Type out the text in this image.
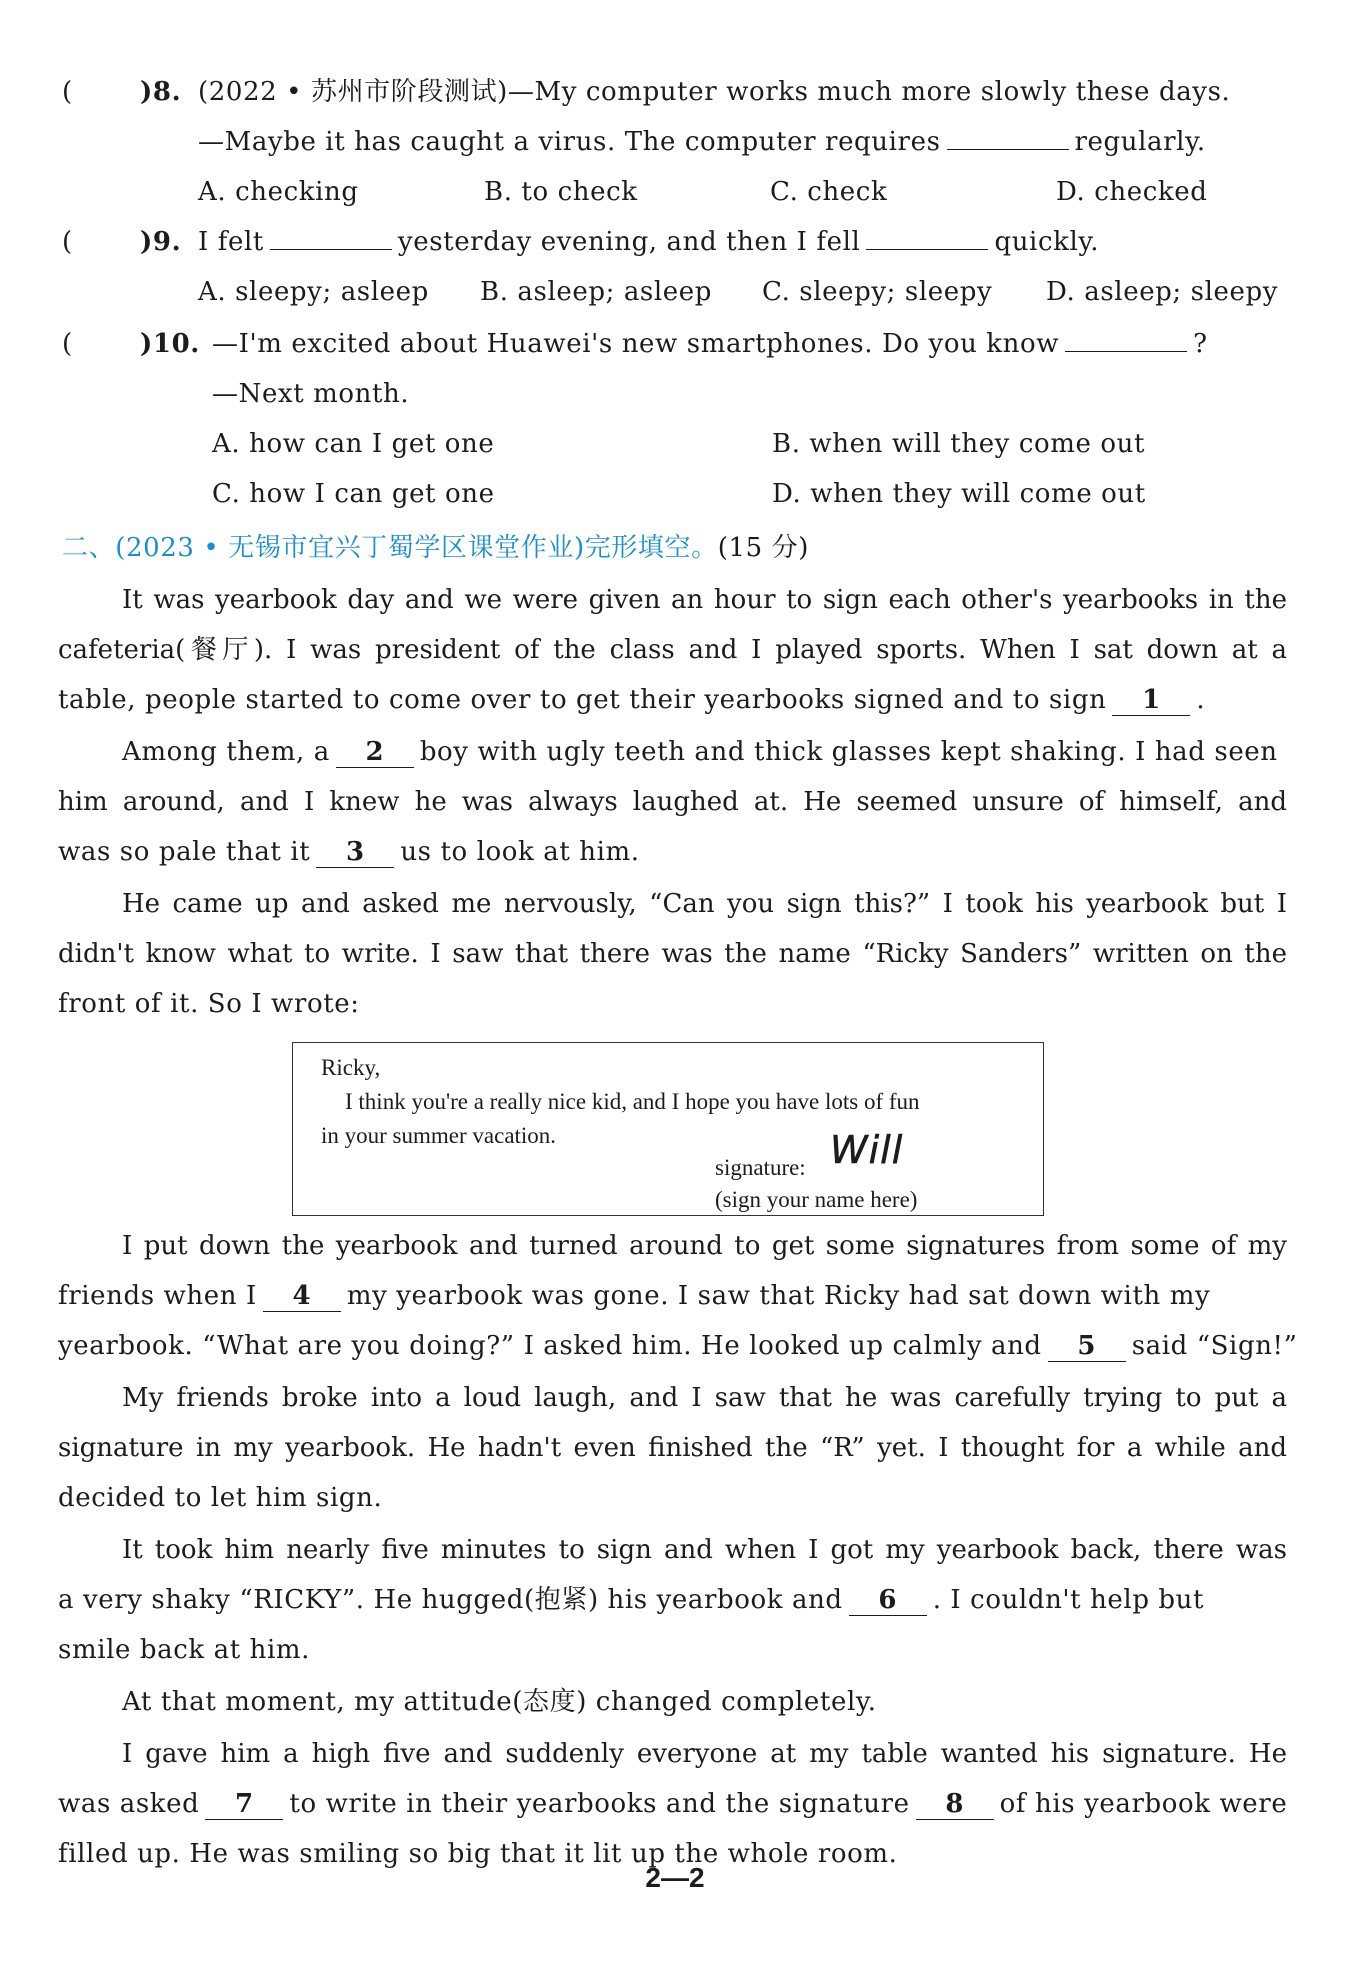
(	)8. (2022 • 苏州市阶段测试)—My computer works much more slowly these days.
—Maybe it has caught a virus. The computer requires	regularly.
A. checking	B. to check	C. check	D. checked
(	)9. I felt	yesterday evening, and then I fell	quickly.
A. sleepy; asleep B. asleep; asleep C. sleepy; sleepy D. asleep; sleepy
(	)10. —I'm excited about Huawei's new smartphones. Do you know	?
—Next month.
A. how can I get one	B. when will they come out
C. how I can get one	D. when they will come out
二、(2023 • 无锡市宜兴丁蜀学区课堂作业)完形填空。(15 分)
It was yearbook day and we were given an hour to sign each other's yearbooks in the
cafeteria(餐厅). I was president of the class and I played sports. When I sat down at a
table, people started to come over to get their yearbooks signed and to sign 1 .
Among them, a 2 boy with ugly teeth and thick glasses kept shaking. I had seen
him around, and I knew he was always laughed at. He seemed unsure of himself, and
was so pale that it 3 us to look at him.
He came up and asked me nervously, “Can you sign this?” I took his yearbook but I
didn't know what to write. I saw that there was the name “Ricky Sanders” written on the
front of it. So I wrote:
Ricky,
I think you're a really nice kid, and I hope you have lots of fun
in your summer vacation.
signature:
(sign your name here)
Will
I put down the yearbook and turned around to get some signatures from some of my
friends when I 4 my yearbook was gone. I saw that Ricky had sat down with my
yearbook. “What are you doing?” I asked him. He looked up calmly and 5 said “Sign!”
My friends broke into a loud laugh, and I saw that he was carefully trying to put a
signature in my yearbook. He hadn't even finished the “R” yet. I thought for a while and
decided to let him sign.
It took him nearly five minutes to sign and when I got my yearbook back, there was
a very shaky “RICKY”. He hugged(抱紧) his yearbook and 6 . I couldn't help but
smile back at him.
At that moment, my attitude(态度) changed completely.
I gave him a high five and suddenly everyone at my table wanted his signature. He
was asked 7 to write in their yearbooks and the signature 8 of his yearbook were
filled up. He was smiling so big that it lit up the whole room.
2—2
